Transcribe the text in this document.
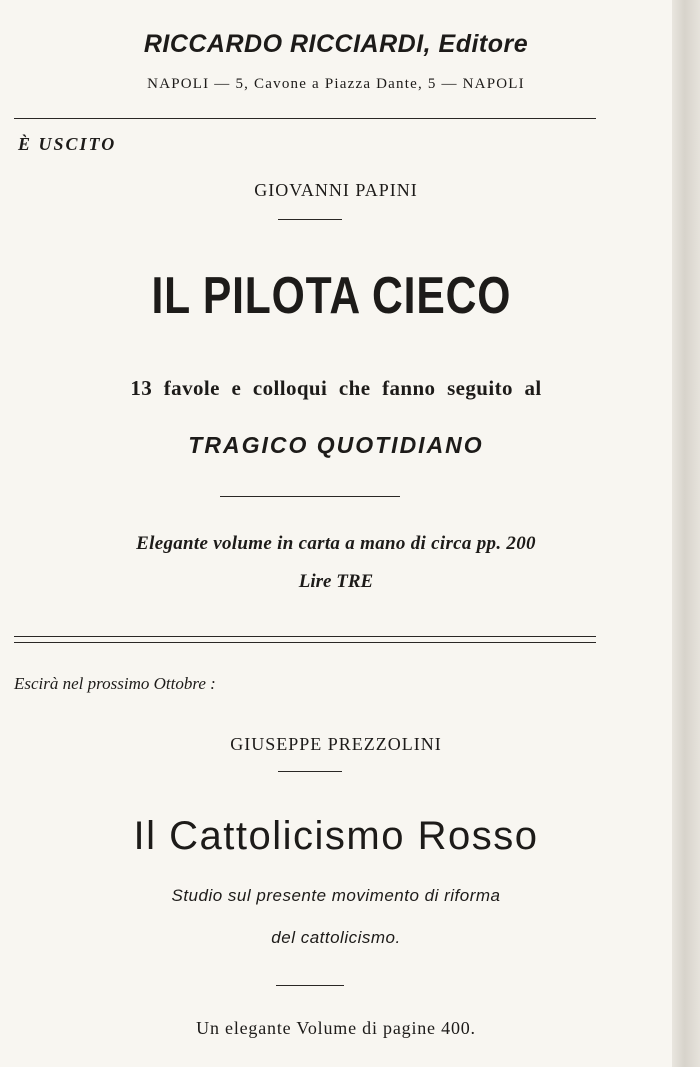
RICCARDO RICCIARDI, Editore
NAPOLI — 5, Cavone a Piazza Dante, 5 — NAPOLI
È USCITO
GIOVANNI PAPINI
IL PILOTA CIECO
13 favole e colloqui che fanno seguito al
TRAGICO QUOTIDIANO
Elegante volume in carta a mano di circa pp. 200
Lire TRE
Escirà nel prossimo Ottobre :
GIUSEPPE PREZZOLINI
Il Cattolicismo Rosso
Studio sul presente movimento di riforma
del cattolicismo.
Un elegante Volume di pagine 400.
